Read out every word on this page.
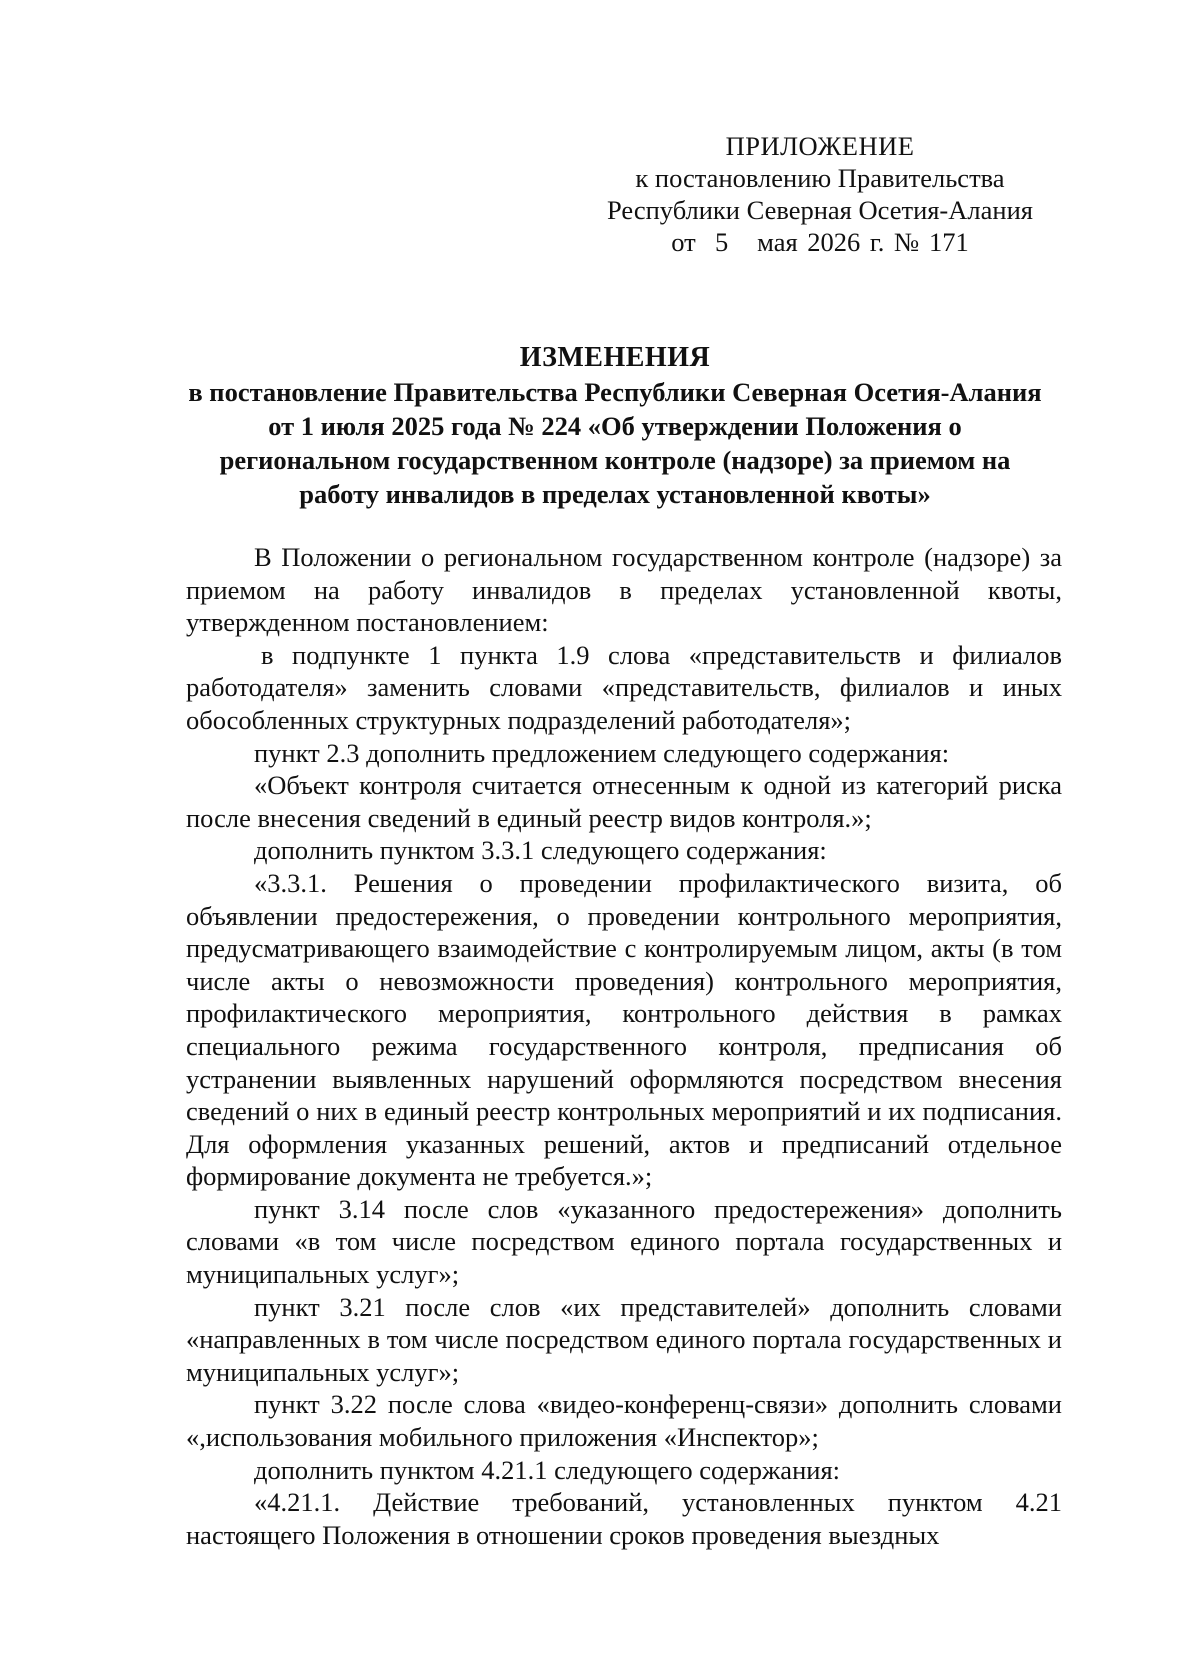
ПРИЛОЖЕНИЕ
к постановлению Правительства
Республики Северная Осетия-Алания
от  5   мая 2026 г. № 171
ИЗМЕНЕНИЯ
в постановление Правительства Республики Северная Осетия-Алания
от 1 июля 2025 года № 224 «Об утверждении Положения о
региональном государственном контроле (надзоре) за приемом на
работу инвалидов в пределах установленной квоты»

В Положении о региональном государственном контроле (надзоре) за приемом на работу инвалидов в пределах установленной квоты, утвержденном постановлением:

в подпункте 1 пункта 1.9 слова «представительств и филиалов работодателя» заменить словами «представительств, филиалов и иных обособленных структурных подразделений работодателя»;

пункт 2.3 дополнить предложением следующего содержания:

«Объект контроля считается отнесенным к одной из категорий риска после внесения сведений в единый реестр видов контроля.»;

дополнить пунктом 3.3.1 следующего содержания:

«3.3.1. Решения о проведении профилактического визита, об объявлении предостережения, о проведении контрольного мероприятия, предусматривающего взаимодействие с контролируемым лицом, акты (в том числе акты о невозможности проведения) контрольного мероприятия, профилактического мероприятия, контрольного действия в рамках специального режима государственного контроля, предписания об устранении выявленных нарушений оформляются посредством внесения сведений о них в единый реестр контрольных мероприятий и их подписания. Для оформления указанных решений, актов и предписаний отдельное формирование документа не требуется.»;

пункт 3.14 после слов «указанного предостережения» дополнить словами «в том числе посредством единого портала государственных и муниципальных услуг»;

пункт 3.21 после слов «их представителей» дополнить словами «направленных в том числе посредством единого портала государственных и муниципальных услуг»;

пункт 3.22 после слова «видео-конференц-связи» дополнить словами «,использования мобильного приложения «Инспектор»;

дополнить пунктом 4.21.1 следующего содержания:

«4.21.1. Действие требований, установленных пунктом 4.21 настоящего Положения в отношении сроков проведения выездных
